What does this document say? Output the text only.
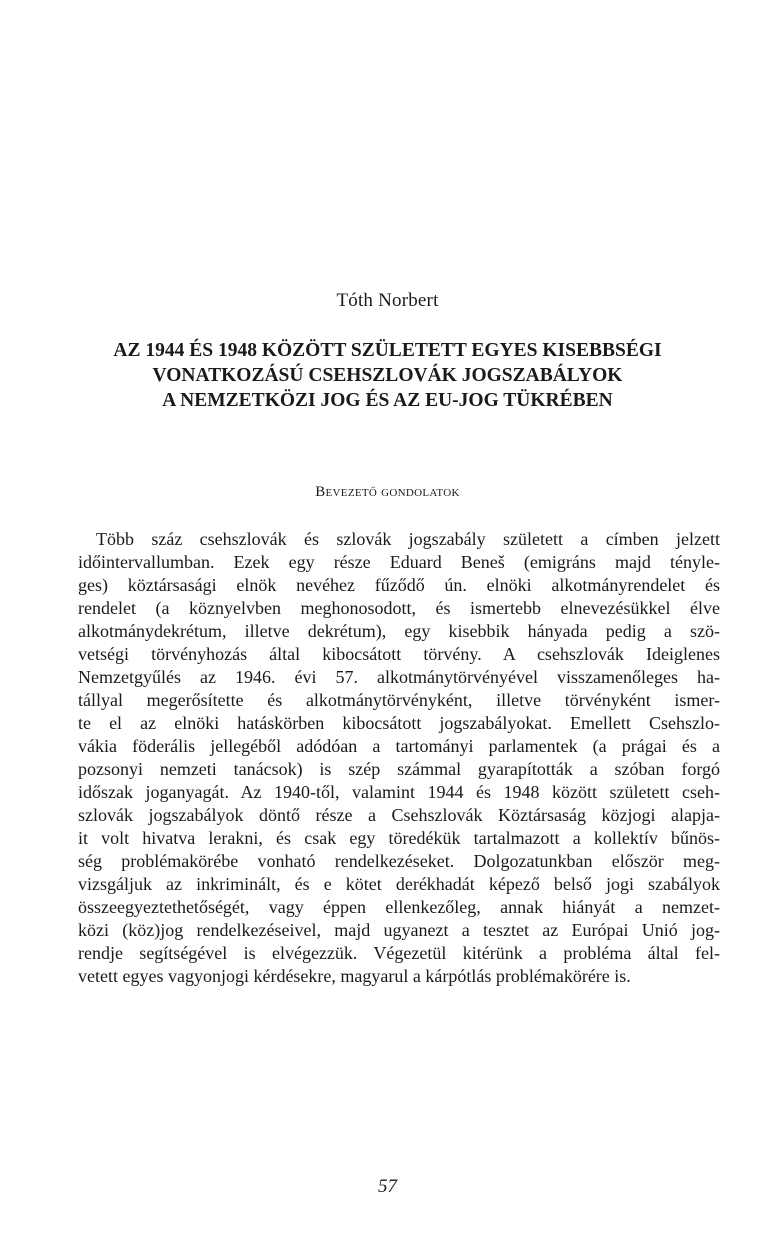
Tóth Norbert
AZ 1944 ÉS 1948 KÖZÖTT SZÜLETETT EGYES KISEBBSÉGI
VONATKOZÁSÚ CSEHSZLOVÁK JOGSZABÁLYOK
A NEMZETKÖZI JOG ÉS AZ EU-JOG TÜKRÉBEN
Bevezető gondolatok
Több száz csehszlovák és szlovák jogszabály született a címben jelzett
időintervallumban. Ezek egy része Eduard Beneš (emigráns majd tényle-
ges) köztársasági elnök nevéhez fűződő ún. elnöki alkotmányrendelet és
rendelet (a köznyelvben meghonosodott, és ismertebb elnevezésükkel élve
alkotmánydekrétum, illetve dekrétum), egy kisebbik hányada pedig a szö-
vetségi törvényhozás által kibocsátott törvény. A csehszlovák Ideiglenes
Nemzetgyűlés az 1946. évi 57. alkotmánytörvényével visszamenőleges ha-
tállyal megerősítette és alkotmánytörvényként, illetve törvényként ismer-
te el az elnöki hatáskörben kibocsátott jogszabályokat. Emellett Csehszlo-
vákia föderális jellegéből adódóan a tartományi parlamentek (a prágai és a
pozsonyi nemzeti tanácsok) is szép számmal gyarapították a szóban forgó
időszak joganyagát. Az 1940-től, valamint 1944 és 1948 között született cseh-
szlovák jogszabályok döntő része a Csehszlovák Köztársaság közjogi alapja-
it volt hivatva lerakni, és csak egy töredékük tartalmazott a kollektív bűnös-
ség problémakörébe vonható rendelkezéseket. Dolgozatunkban először meg-
vizsgáljuk az inkriminált, és e kötet derékhadát képező belső jogi szabályok
összeegyeztethetőségét, vagy éppen ellenkezőleg, annak hiányát a nemzet-
közi (köz)jog rendelkezéseivel, majd ugyanezt a tesztet az Európai Unió jog-
rendje segítségével is elvégezzük. Végezetül kitérünk a probléma által fel-
vetett egyes vagyonjogi kérdésekre, magyarul a kárpótlás problémakörére is.
57
